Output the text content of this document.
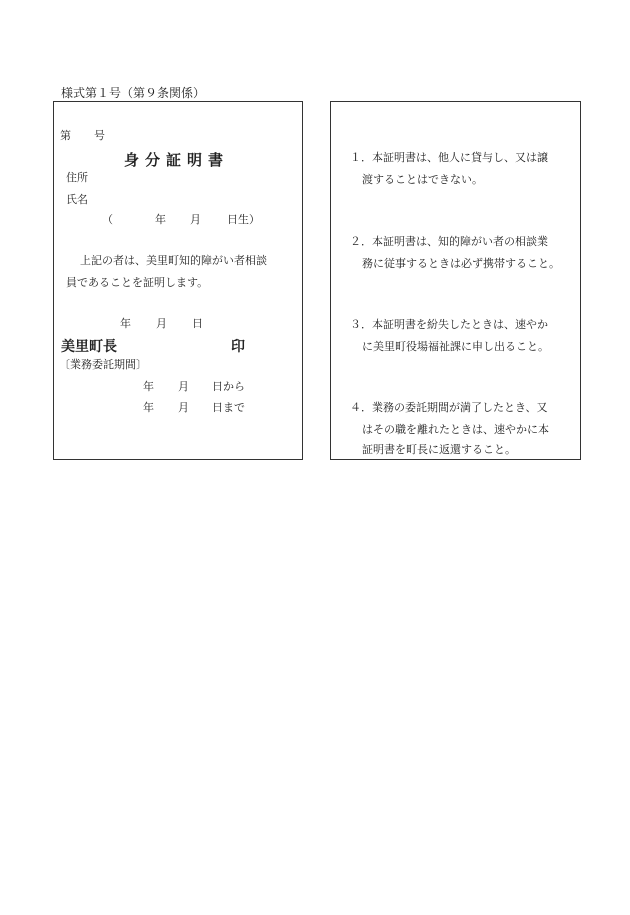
様式第１号（第９条関係）
第 号
身分証明書
住所
氏名
（	年 月 日生）
上記の者は、美里町知的障がい者相談
員であることを証明します。
年 月 日
美里町長	印
〔業務委託期間〕
年 月 日から
年 月 日まで
１．本証明書は、他人に貸与し、又は譲
渡することはできない。
２．本証明書は、知的障がい者の相談業
務に従事するときは必ず携帯すること。
３．本証明書を紛失したときは、速やか
に美里町役場福祉課に申し出ること。
４．業務の委託期間が満了したとき、又
はその職を離れたときは、速やかに本
証明書を町長に返還すること。
